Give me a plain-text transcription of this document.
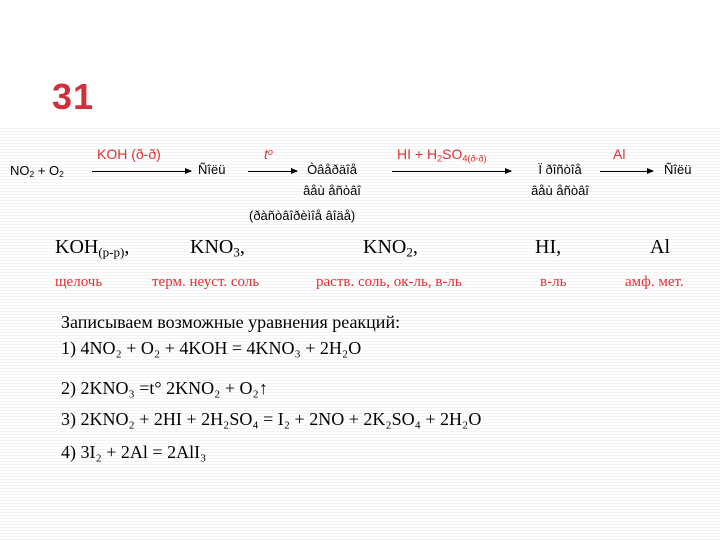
31
$NO_2 + O_2$
KOH (ð-ð)
Ñîëü
$t^o$
Òâåðäîå
âåù åñòâî
(ðàñòâîðèìîå âîäå)
HI + $H_2SO_{4(ð-ð)}$
Ï ðîñòîå
âåù åñòâî
Al
Ñîëü
$KOH_{(р-р)}$,	$KNO_3$,	$KNO_2$,	HI,	Al
щелочь	терм. неуст. соль	раств. соль, ок-ль, в-ль	в-ль	амф. мет.
Записываем возможные уравнения реакций:
1) 4NO₂ + O₂ + 4KOH = 4KNO₃ + 2H₂O
2) 2KNO₃ =t° 2KNO₂ + O₂↑
3) 2KNO₂ + 2HI + 2H₂SO₄ = I₂ + 2NO + 2K₂SO₄ + 2H₂O
4) 3I₂ + 2Al = 2AlI₃
